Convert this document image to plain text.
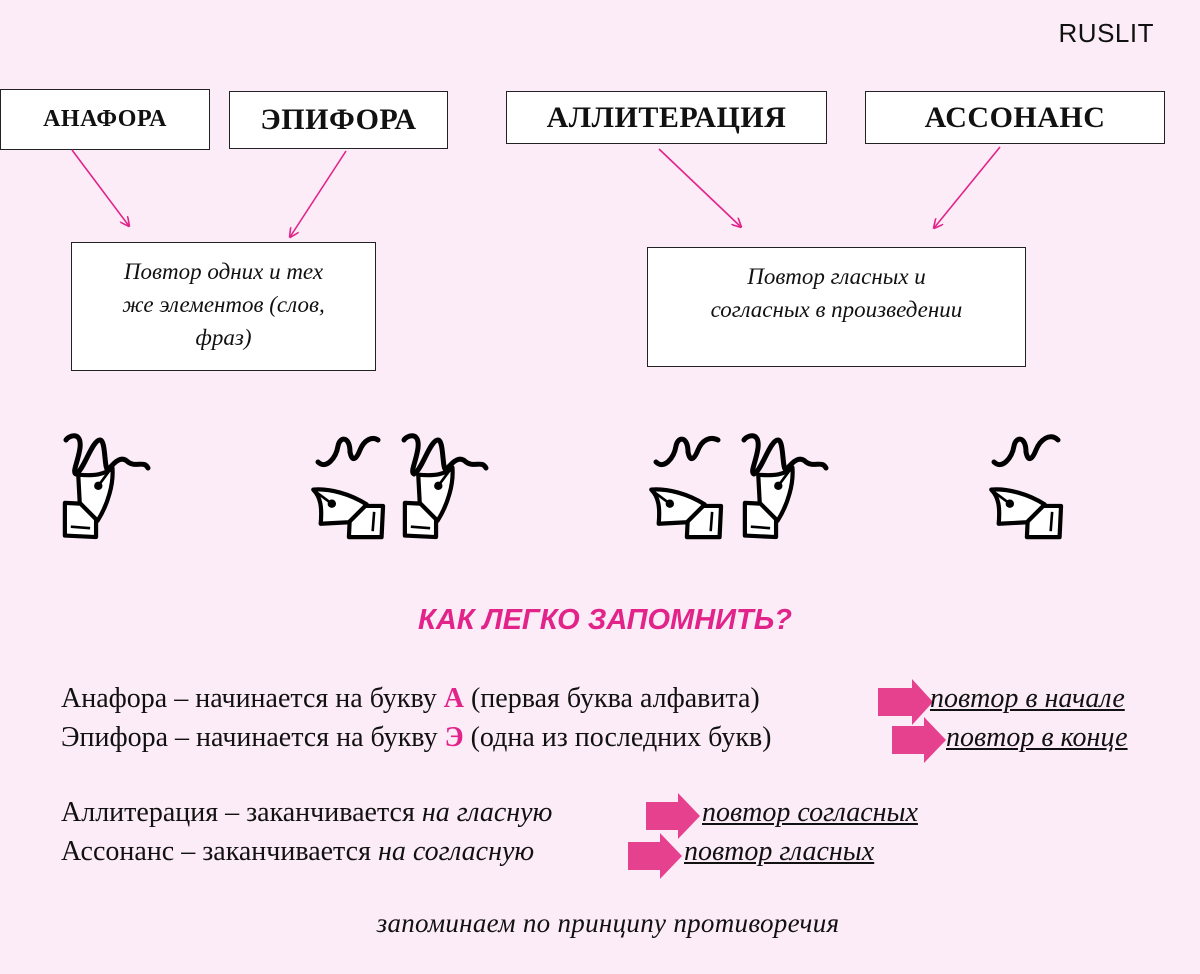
RUSLIT
АНАФОРА	ЭПИФОРА	АЛЛИТЕРАЦИЯ	АССОНАНС
Повтор одних и тех
же элементов (слов,
фраз)
Повтор гласных и
согласных в произведении
КАК ЛЕГКО ЗАПОМНИТЬ?
Анафора – начинается на букву А (первая буква алфавита)	повтор в начале
Эпифора – начинается на букву Э (одна из последних букв)	повтор в конце
Аллитерация – заканчивается на гласную	повтор согласных
Ассонанс – заканчивается на согласную	повтор гласных
запоминаем по принципу противоречия
